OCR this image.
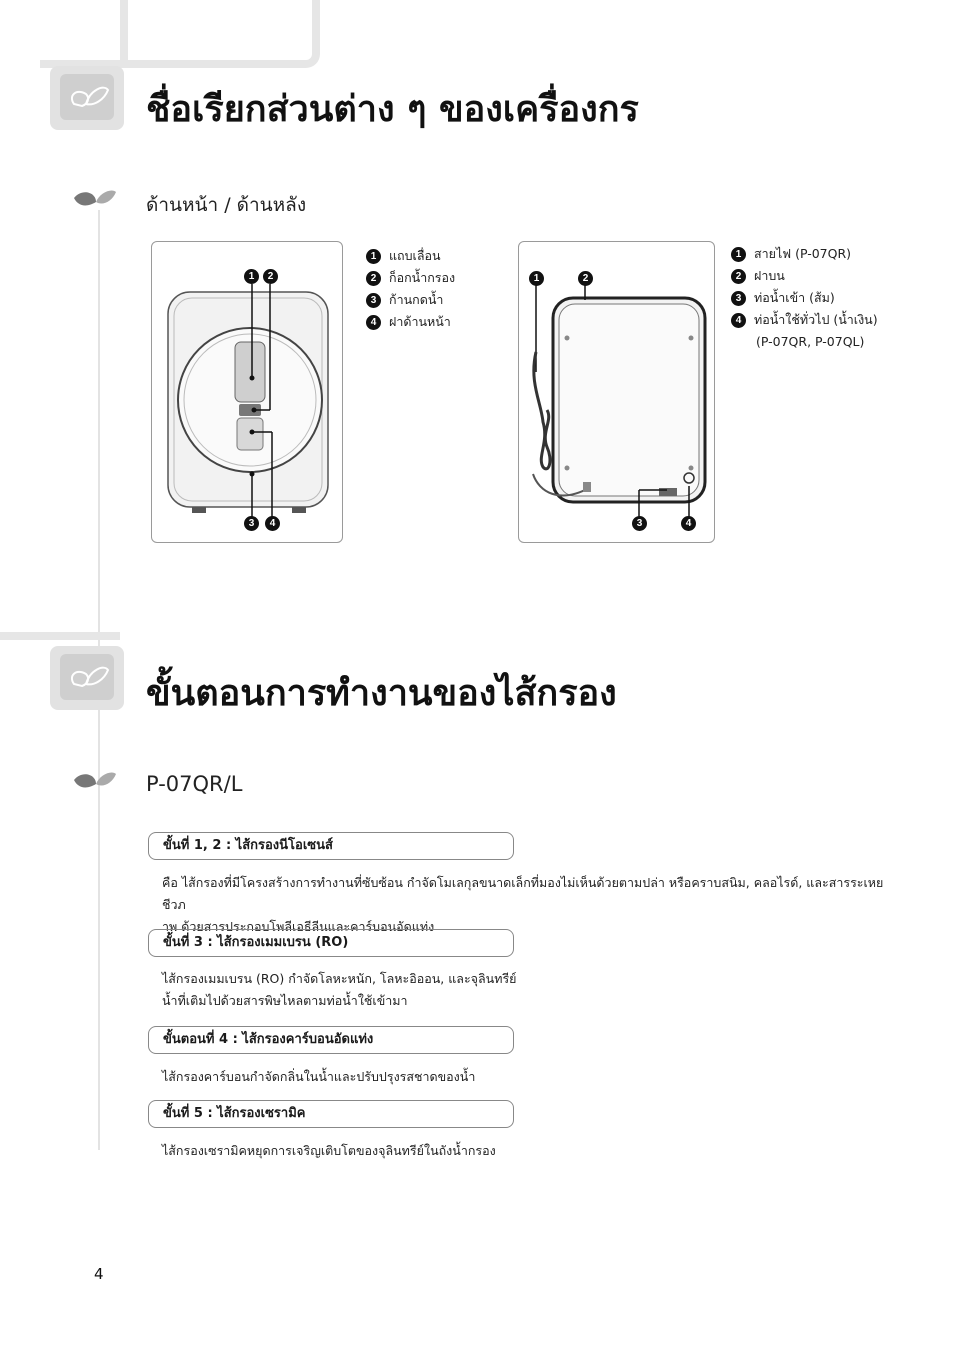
ชื่อเรียกส่วนต่าง ๆ ของเครื่องกร
ด้านหน้า / ด้านหลัง
1	2
3	4
1	แถบเลื่อน
2	ก็อกน้ำกรอง
3	ก้านกดน้ำ
4	ฝาด้านหน้า
1	2
3	4
1	สายไฟ (P-07QR)
2	ฝาบน
3	ท่อน้ำเข้า (ส้ม)
4	ท่อน้ำใช้ทั่วไป (น้ำเงิน)
(P-07QR, P-07QL)
ขั้นตอนการทำงานของไส้กรอง
P-07QR/L
ขั้นที่ 1, 2 : ไส้กรองนีโอเซนส์
คือ ไส้กรองที่มีโครงสร้างการทำงานที่ซับซ้อน กำจัดโมเลกุลขนาดเล็กที่มองไม่เห็นด้วยตามปล่า หรือคราบสนิม, คลอไรด์, และสารระเหยชีวภ
าพ ด้วยสารประกอบโพลีเอธีลีนและคาร์บอนอัดแท่ง
ขั้นที่ 3 : ไส้กรองเมมเบรน (RO)
ไส้กรองเมมเบรน (RO) กำจัดโลหะหนัก, โลหะอิออน, และจุลินทรีย์
น้ำที่เติมไปด้วยสารพิษไหลตามท่อน้ำใช้เข้ามา
ขั้นตอนที่ 4 : ไส้กรองคาร์บอนอัดแท่ง
ไส้กรองคาร์บอนกำจัดกลิ่นในน้ำและปรับปรุงรสชาดของน้ำ
ขั้นที่ 5 : ไส้กรองเซรามิค
ไส้กรองเซรามิคหยุดการเจริญเติบโตของจุลินทรีย์ในถังน้ำกรอง
4
